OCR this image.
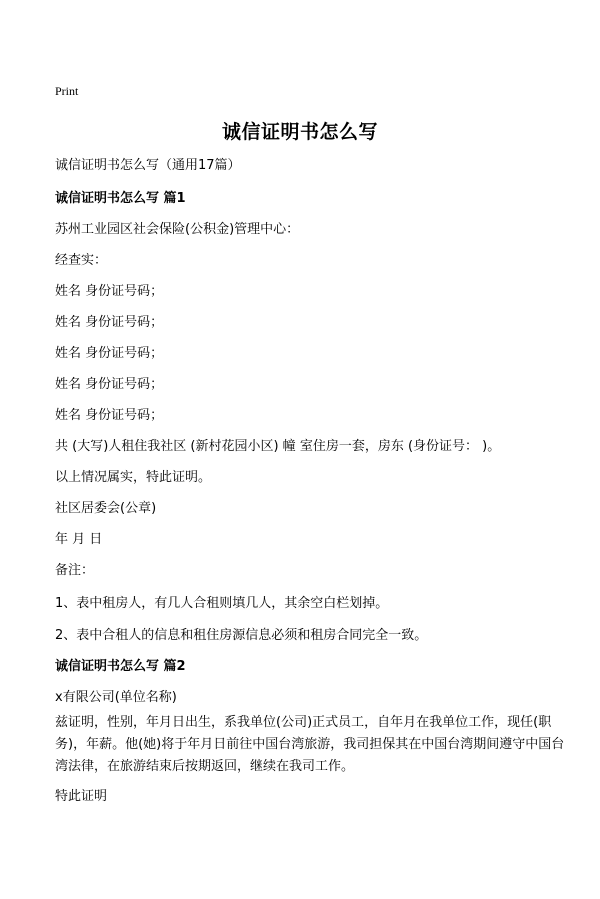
Print
诚信证明书怎么写
诚信证明书怎么写（通用17篇）
诚信证明书怎么写 篇1
苏州工业园区社会保险(公积金)管理中心：
经查实：
姓名 身份证号码；
姓名 身份证号码；
姓名 身份证号码；
姓名 身份证号码；
姓名 身份证号码；
共 (大写)人租住我社区 (新村花园小区) 幢 室住房一套，房东 (身份证号： )。
以上情况属实，特此证明。
社区居委会(公章)
年 月 日
备注：
1、表中租房人，有几人合租则填几人，其余空白栏划掉。
2、表中合租人的信息和租住房源信息必须和租房合同完全一致。
诚信证明书怎么写 篇2
x有限公司(单位名称)
兹证明，性别，年月日出生，系我单位(公司)正式员工，自年月在我单位工作，现任(职务)，年薪。他(她)将于年月日前往中国台湾旅游，我司担保其在中国台湾期间遵守中国台湾法律，在旅游结束后按期返回，继续在我司工作。
特此证明
